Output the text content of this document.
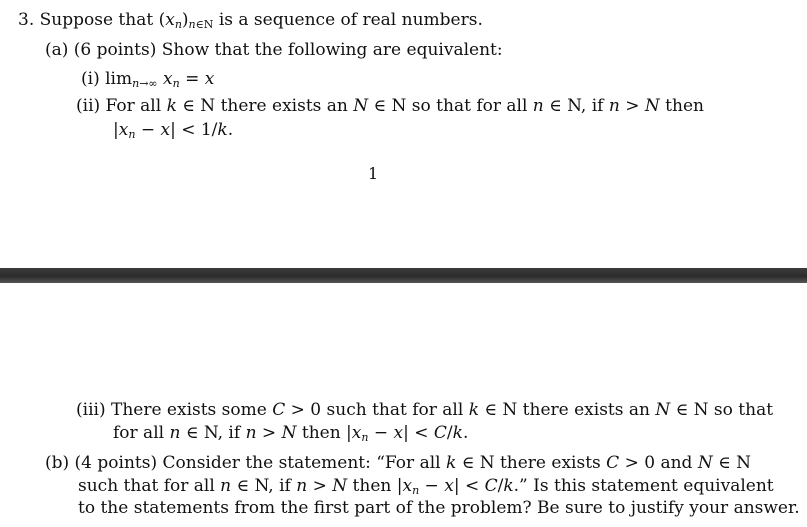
3. Suppose that $(x_n)_{n\in N}$ is a sequence of real numbers.
(a) (6 points) Show that the following are equivalent:
(i) $\lim_{n\to\infty} x_n = x$
(ii) For all k ∈ N there exists an N ∈ N so that for all n ∈ N, if n > N then
$|x_n - x| < 1/k$.
1
(iii) There exists some C > 0 such that for all k ∈ N there exists an N ∈ N so that
for all n ∈ N, if n > N then $|x_n - x| < C/k$.
(b) (4 points) Consider the statement: “For all k ∈ N there exists C > 0 and N ∈ N
such that for all n ∈ N, if n > N then $|x_n - x| < C/k$.” Is this statement equivalent
to the statements from the first part of the problem? Be sure to justify your answer.
